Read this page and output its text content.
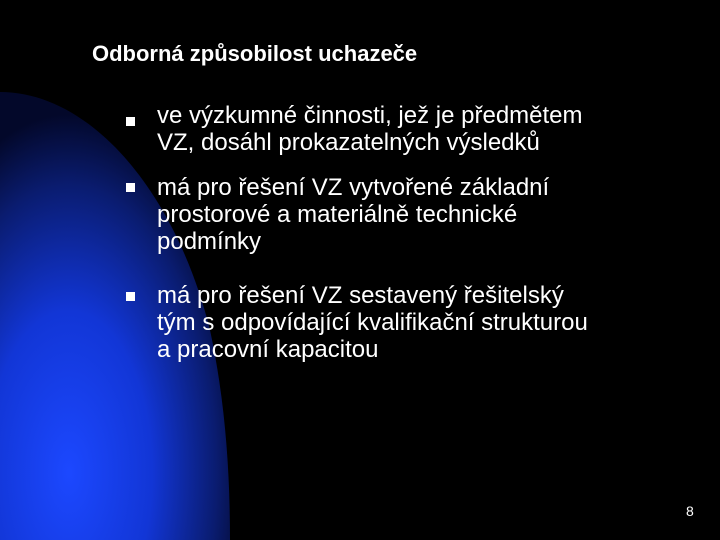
Odborná způsobilost uchazeče
ve výzkumné činnosti, jež je předmětem
VZ, dosáhl prokazatelných výsledků
má pro řešení VZ vytvořené základní
prostorové a materiálně technické
podmínky
má pro řešení VZ sestavený řešitelský
tým s odpovídající kvalifikační strukturou
a pracovní kapacitou
8
